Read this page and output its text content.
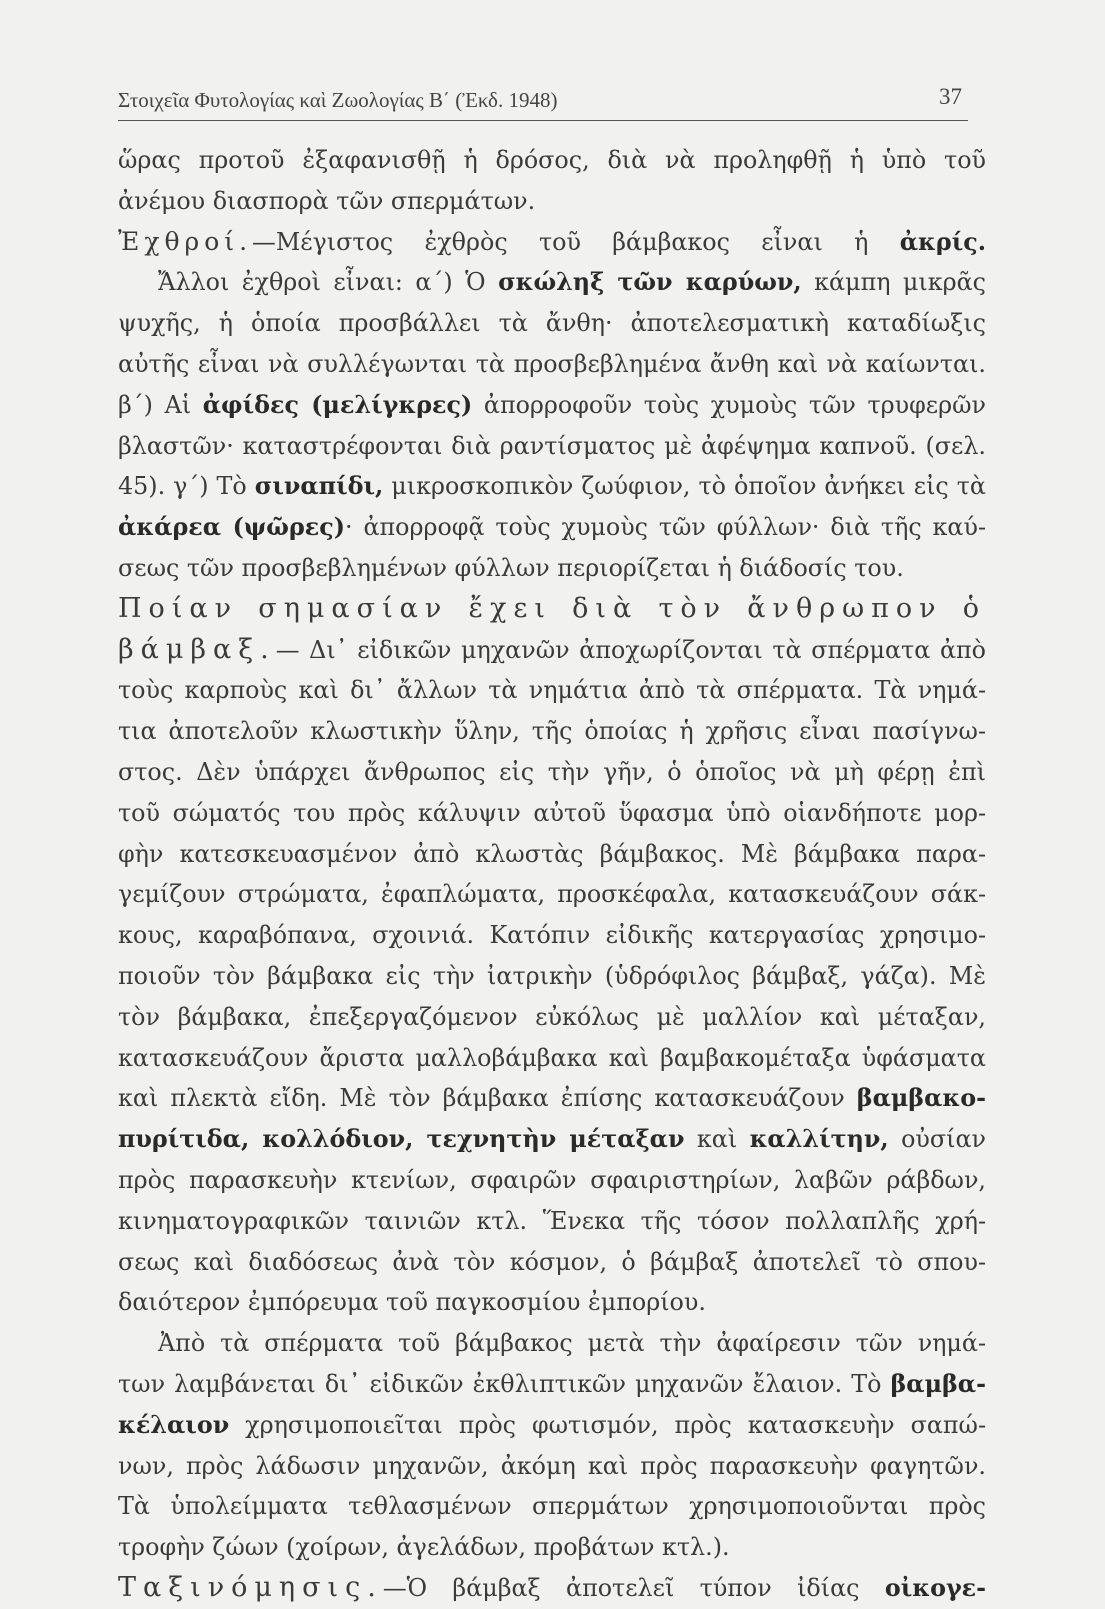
Στοιχεῖα Φυτολογίας καὶ Ζωολογίας Β΄ (Ἐκδ. 1948)	37
ὥρας προτοῦ ἐξαφανισθῇ ἡ δρόσος, διὰ νὰ προληφθῇ ἡ ὑπὸ τοῦ
ἀνέμου διασπορὰ τῶν σπερμάτων.
Ἐχθροί.—Μέγιστος ἐχθρὸς τοῦ βάμβακος εἶναι ἡ ἀκρίς.
Ἄλλοι ἐχθροὶ εἶναι: α΄) Ὁ σκώληξ τῶν καρύων, κάμπη μικρᾶς
ψυχῆς, ἡ ὁποία προσβάλλει τὰ ἄνθη· ἀποτελεσματικὴ καταδίωξις
αὐτῆς εἶναι νὰ συλλέγωνται τὰ προσβεβλημένα ἄνθη καὶ νὰ καίωνται.
β΄) Αἱ ἀφίδες (μελίγκρες) ἀπορροφοῦν τοὺς χυμοὺς τῶν τρυφερῶν
βλαστῶν· καταστρέφονται διὰ ραντίσματος μὲ ἀφέψημα καπνοῦ. (σελ.
45). γ΄) Τὸ σιναπίδι, μικροσκοπικὸν ζωύφιον, τὸ ὁποῖον ἀνήκει εἰς τὰ
ἀκάρεα (ψῶρες)· ἀπορροφᾷ τοὺς χυμοὺς τῶν φύλλων· διὰ τῆς καύ-
σεως τῶν προσβεβλημένων φύλλων περιορίζεται ἡ διάδοσίς του.
Ποίαν σημασίαν ἔχει διὰ τὸν ἄνθρωπον ὁ
βάμβαξ.— Δι᾽ εἰδικῶν μηχανῶν ἀποχωρίζονται τὰ σπέρματα ἀπὸ
τοὺς καρποὺς καὶ δι᾽ ἄλλων τὰ νημάτια ἀπὸ τὰ σπέρματα. Τὰ νημά-
τια ἀποτελοῦν κλωστικὴν ὕλην, τῆς ὁποίας ἡ χρῆσις εἶναι πασίγνω-
στος. Δὲν ὑπάρχει ἄνθρωπος εἰς τὴν γῆν, ὁ ὁποῖος νὰ μὴ φέρῃ ἐπὶ
τοῦ σώματός του πρὸς κάλυψιν αὐτοῦ ὕφασμα ὑπὸ οἱανδήποτε μορ-
φὴν κατεσκευασμένον ἀπὸ κλωστὰς βάμβακος. Μὲ βάμβακα παρα-
γεμίζουν στρώματα, ἐφαπλώματα, προσκέφαλα, κατασκευάζουν σάκ-
κους, καραβόπανα, σχοινιά. Κατόπιν εἰδικῆς κατεργασίας χρησιμο-
ποιοῦν τὸν βάμβακα εἰς τὴν ἰατρικὴν (ὑδρόφιλος βάμβαξ, γάζα). Μὲ
τὸν βάμβακα, ἐπεξεργαζόμενον εὐκόλως μὲ μαλλίον καὶ μέταξαν,
κατασκευάζουν ἄριστα μαλλοβάμβακα καὶ βαμβακομέταξα ὑφάσματα
καὶ πλεκτὰ εἴδη. Μὲ τὸν βάμβακα ἐπίσης κατασκευάζουν βαμβακο-
πυρίτιδα, κολλόδιον, τεχνητὴν μέταξαν καὶ καλλίτην, οὐσίαν
πρὸς παρασκευὴν κτενίων, σφαιρῶν σφαιριστηρίων, λαβῶν ράβδων,
κινηματογραφικῶν ταινιῶν κτλ. Ἕνεκα τῆς τόσον πολλαπλῆς χρή-
σεως καὶ διαδόσεως ἀνὰ τὸν κόσμον, ὁ βάμβαξ ἀποτελεῖ τὸ σπου-
δαιότερον ἐμπόρευμα τοῦ παγκοσμίου ἐμπορίου.
Ἀπὸ τὰ σπέρματα τοῦ βάμβακος μετὰ τὴν ἀφαίρεσιν τῶν νημά-
των λαμβάνεται δι᾽ εἰδικῶν ἐκθλιπτικῶν μηχανῶν ἔλαιον. Τὸ βαμβα-
κέλαιον χρησιμοποιεῖται πρὸς φωτισμόν, πρὸς κατασκευὴν σαπώ-
νων, πρὸς λάδωσιν μηχανῶν, ἀκόμη καὶ πρὸς παρασκευὴν φαγητῶν.
Τὰ ὑπολείμματα τεθλασμένων σπερμάτων χρησιμοποιοῦνται πρὸς
τροφὴν ζώων (χοίρων, ἀγελάδων, προβάτων κτλ.).
Ταξινόμησις.—Ὁ βάμβαξ ἀποτελεῖ τύπον ἰδίας οἰκογε-
